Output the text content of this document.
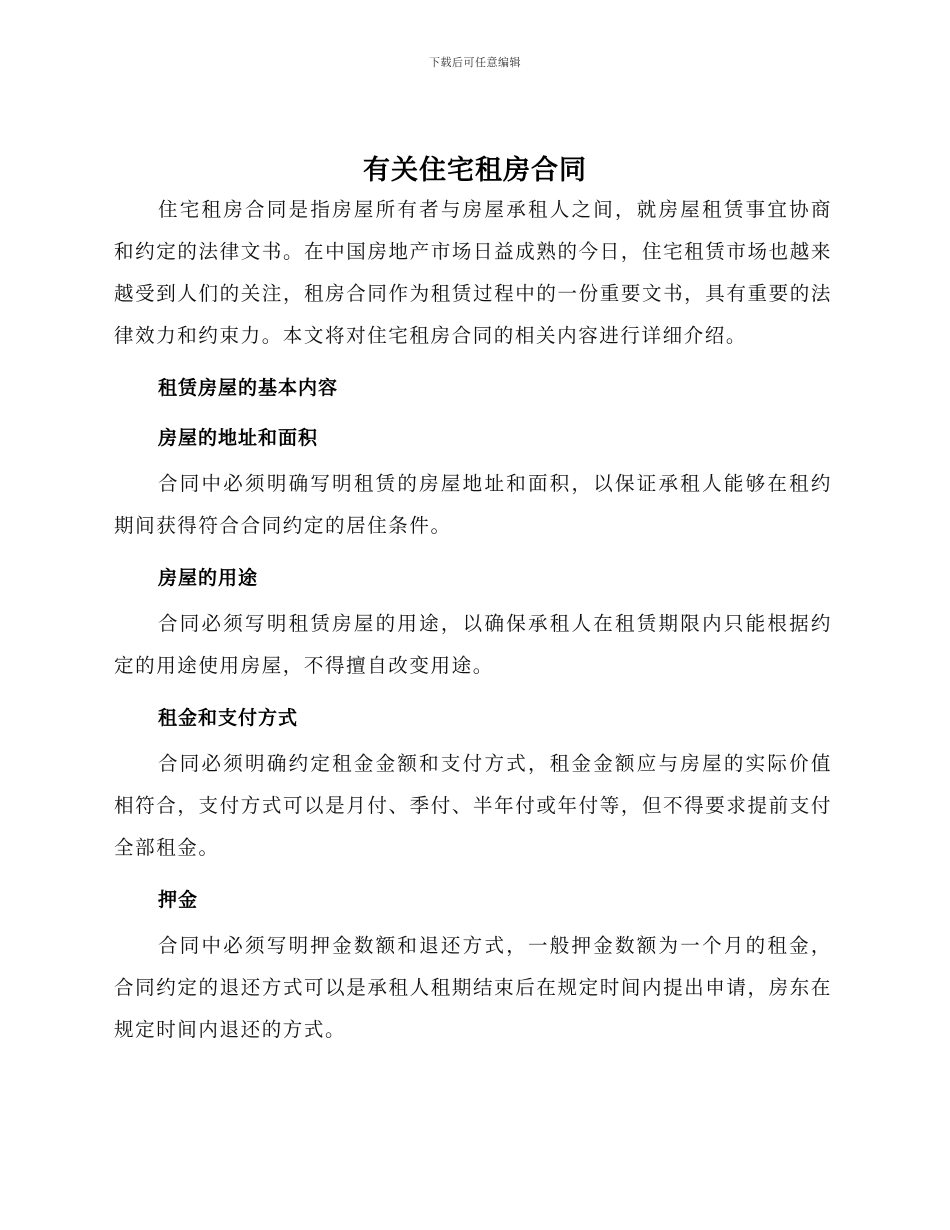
下载后可任意编辑
有关住宅租房合同

住宅租房合同是指房屋所有者与房屋承租人之间，就房屋租赁事宜协商和约定的法律文书。在中国房地产市场日益成熟的今日，住宅租赁市场也越来越受到人们的关注，租房合同作为租赁过程中的一份重要文书，具有重要的法律效力和约束力。本文将对住宅租房合同的相关内容进行详细介绍。

租赁房屋的基本内容
房屋的地址和面积

合同中必须明确写明租赁的房屋地址和面积，以保证承租人能够在租约期间获得符合合同约定的居住条件。

房屋的用途

合同必须写明租赁房屋的用途，以确保承租人在租赁期限内只能根据约定的用途使用房屋，不得擅自改变用途。

租金和支付方式

合同必须明确约定租金金额和支付方式，租金金额应与房屋的实际价值相符合，支付方式可以是月付、季付、半年付或年付等，但不得要求提前支付全部租金。

押金

合同中必须写明押金数额和退还方式，一般押金数额为一个月的租金，合同约定的退还方式可以是承租人租期结束后在规定时间内提出申请，房东在规定时间内退还的方式。
